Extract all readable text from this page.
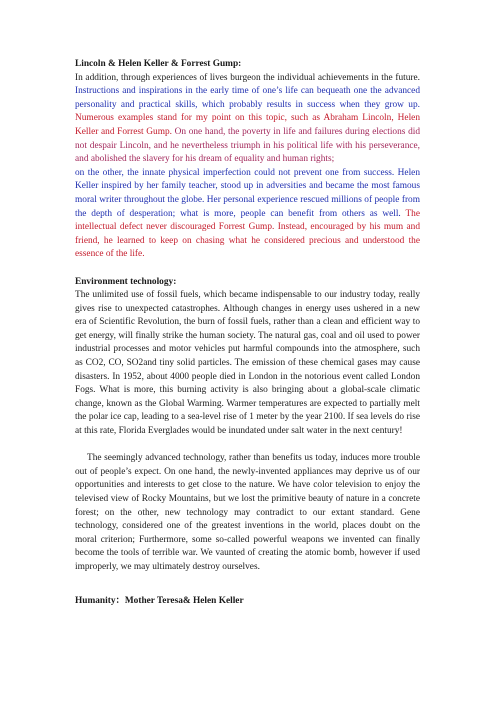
Lincoln & Helen Keller & Forrest Gump:

In addition, through experiences of lives burgeon the individual achievements in the future. Instructions and inspirations in the early time of one’s life can bequeath one the advanced personality and practical skills, which probably results in success when they grow up. Numerous examples stand for my point on this topic, such as Abraham Lincoln, Helen Keller and Forrest Gump. On one hand, the poverty in life and failures during elections did not despair Lincoln, and he nevertheless triumph in his political life with his perseverance, and abolished the slavery for his dream of equality and human rights;

on the other, the innate physical imperfection could not prevent one from success. Helen Keller inspired by her family teacher, stood up in adversities and became the most famous moral writer throughout the globe. Her personal experience rescued millions of people from the depth of desperation; what is more, people can benefit from others as well. The intellectual defect never discouraged Forrest Gump. Instead, encouraged by his mum and friend, he learned to keep on chasing what he considered precious and understood the essence of the life.

Environment technology:

The unlimited use of fossil fuels, which became indispensable to our industry today, really gives rise to unexpected catastrophes. Although changes in energy uses ushered in a new era of Scientific Revolution, the burn of fossil fuels, rather than a clean and efficient way to get energy, will finally strike the human society. The natural gas, coal and oil used to power industrial processes and motor vehicles put harmful compounds into the atmosphere, such as CO2, CO, SO2and tiny solid particles. The emission of these chemical gases may cause disasters. In 1952, about 4000 people died in London in the notorious event called London Fogs. What is more, this burning activity is also bringing about a global-scale climatic change, known as the Global Warming. Warmer temperatures are expected to partially melt the polar ice cap, leading to a sea-level rise of 1 meter by the year 2100. If sea levels do rise at this rate, Florida Everglades would be inundated under salt water in the next century!

The seemingly advanced technology, rather than benefits us today, induces more trouble out of people’s expect. On one hand, the newly-invented appliances may deprive us of our opportunities and interests to get close to the nature. We have color television to enjoy the televised view of Rocky Mountains, but we lost the primitive beauty of nature in a concrete forest; on the other, new technology may contradict to our extant standard. Gene technology, considered one of the greatest inventions in the world, places doubt on the moral criterion; Furthermore, some so-called powerful weapons we invented can finally become the tools of terrible war. We vaunted of creating the atomic bomb, however if used improperly, we may ultimately destroy ourselves.

Humanity：Mother Teresa& Helen Keller
